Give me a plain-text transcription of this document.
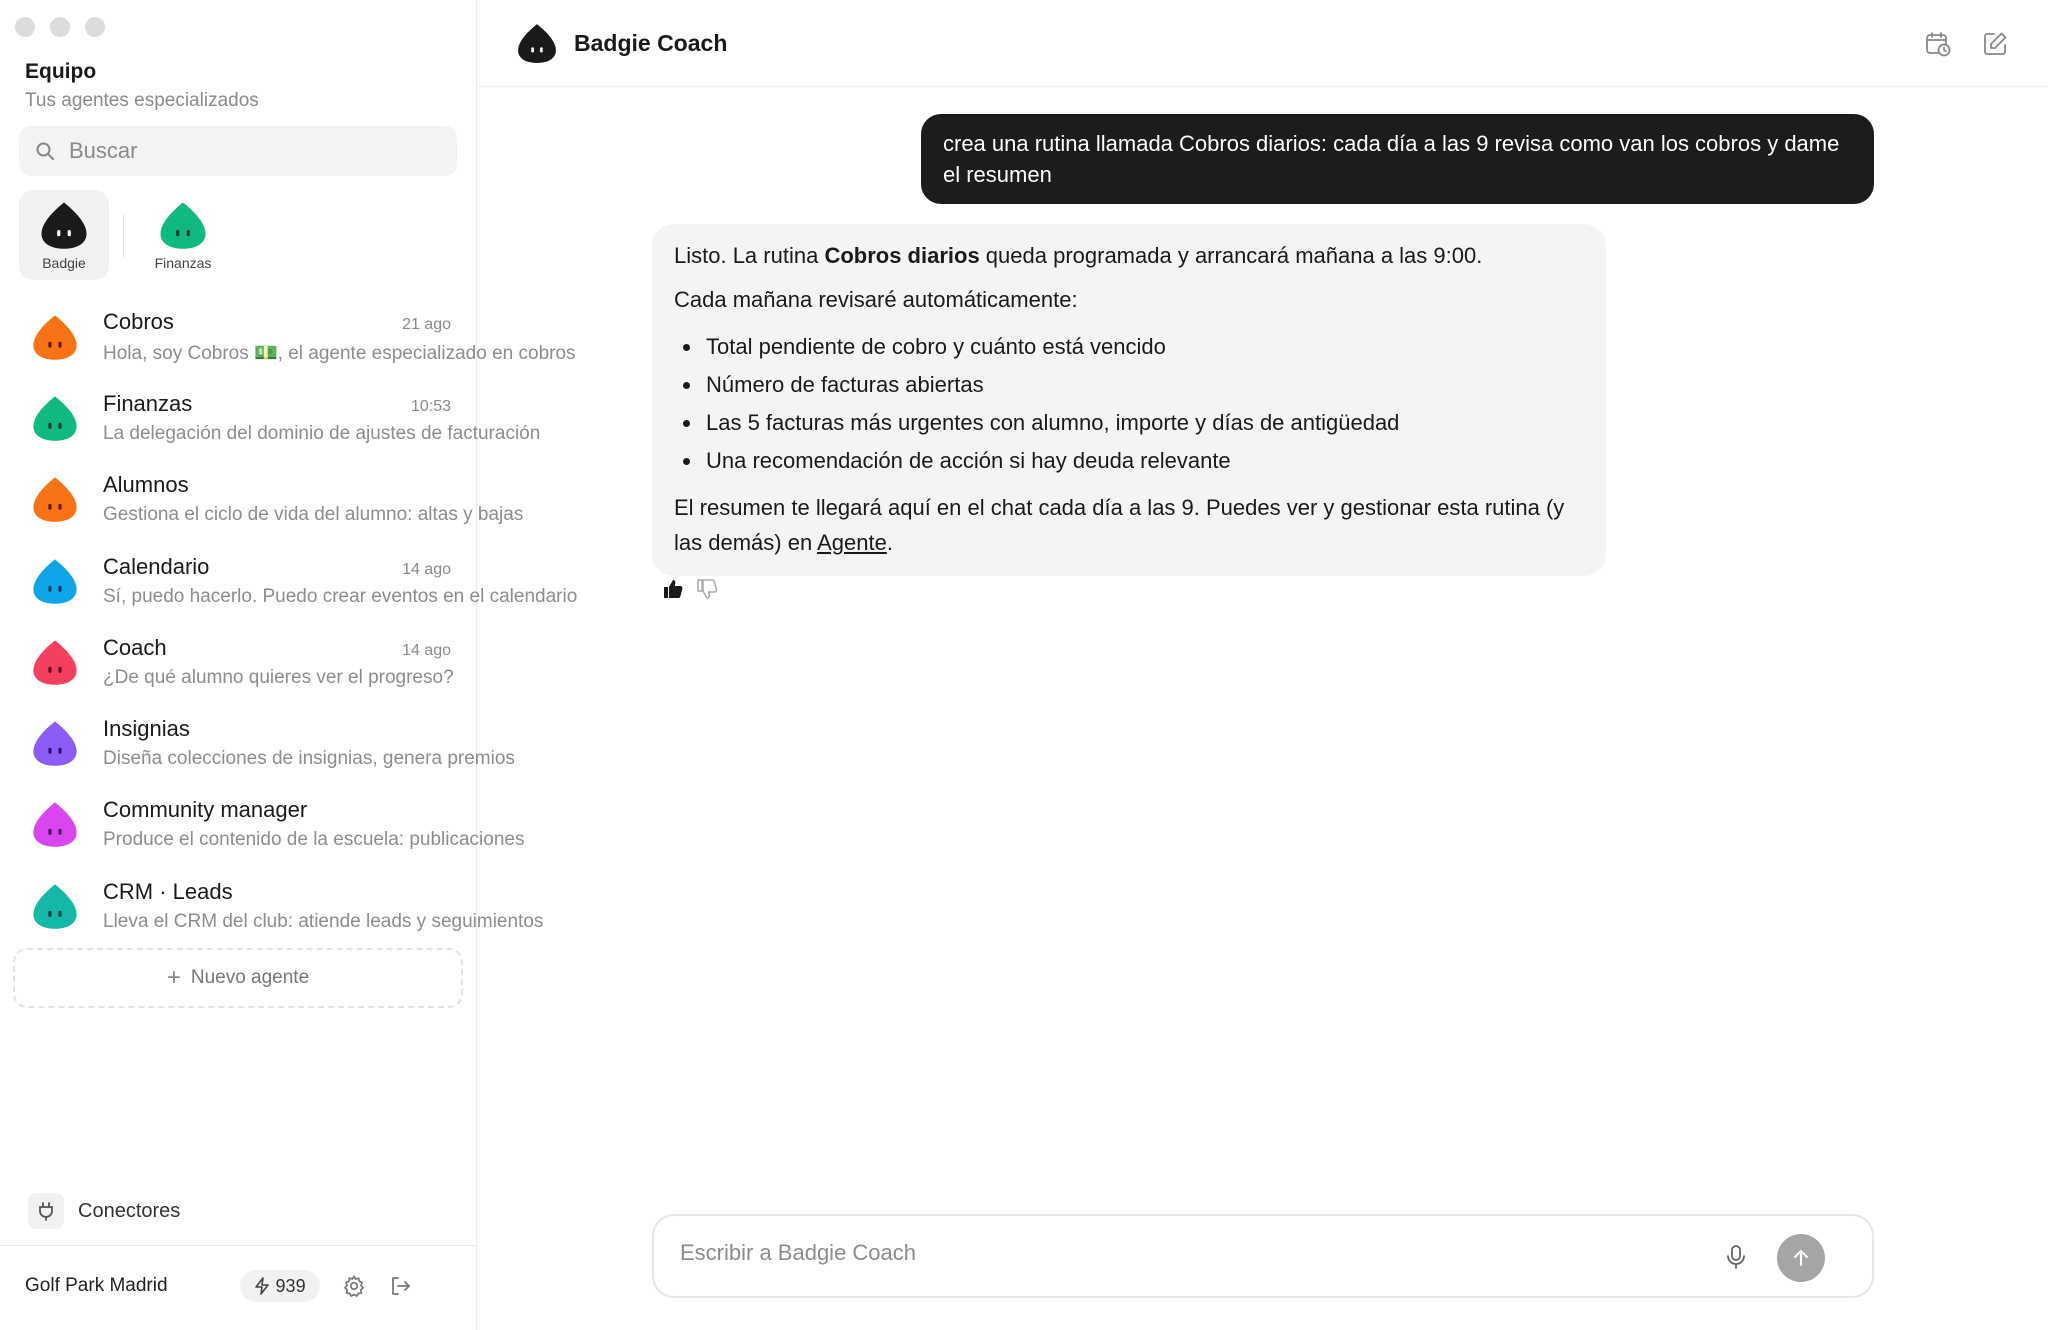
Equipo
Tus agentes especializados
Buscar
Badgie	Finanzas
Cobros	21 ago
Hola, soy Cobros 💵, el agente especializado en cobros
Finanzas	10:53
La delegación del dominio de ajustes de facturación
Alumnos
Gestiona el ciclo de vida del alumno: altas y bajas
Calendario	14 ago
Sí, puedo hacerlo. Puedo crear eventos en el calendario
Coach	14 ago
¿De qué alumno quieres ver el progreso?
Insignias
Diseña colecciones de insignias, genera premios
Community manager
Produce el contenido de la escuela: publicaciones
CRM · Leads
Lleva el CRM del club: atiende leads y seguimientos
+ Nuevo agente
Conectores
Golf Park Madrid	939
Badgie Coach
crea una rutina llamada Cobros diarios: cada día a las 9 revisa como van los cobros y dame el resumen

Listo. La rutina Cobros diarios queda programada y arrancará mañana a las 9:00.

Cada mañana revisaré automáticamente:

Total pendiente de cobro y cuánto está vencido
Número de facturas abiertas
Las 5 facturas más urgentes con alumno, importe y días de antigüedad
Una recomendación de acción si hay deuda relevante

El resumen te llegará aquí en el chat cada día a las 9. Puedes ver y gestionar esta rutina (y las demás) en Agente.

Escribir a Badgie Coach
